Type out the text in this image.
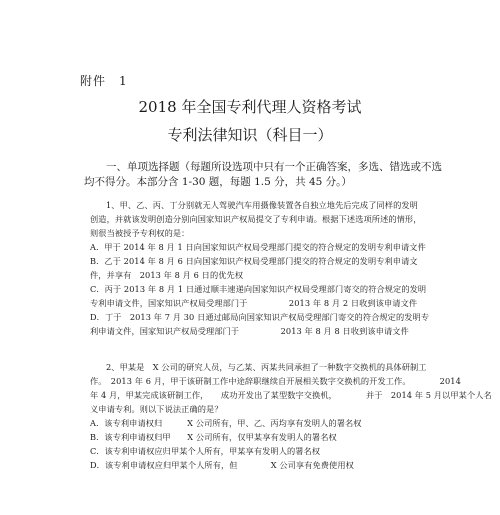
附件　1
2018 年全国专利代理人资格考试
专利法律知识（科目一）
一、单项选择题（每题所设选项中只有一个正确答案，多选、错选或不选
均不得分。本部分含 1-30 题，每题 1.5 分，共 45 分。）
1、甲、乙、丙、丁分别就无人驾驶汽车用摄像装置各自独立地先后完成了同样的发明
创造，并就该发明创造分别向国家知识产权局提交了专利申请。根据下述选项所述的情形，
则很当被授予专利权的是：
A．甲于 2014 年 8 月 1 日向国家知识产权局受理部门提交的符合规定的发明专利申请文件
B．乙于 2014 年 8 月 6 日向国家知识产权局受理部门提交的符合规定的发明专利申请文
件，并享有　2013 年 8 月 6 日的优先权
C．丙于 2013 年 8 月 1 日通过顺丰速递向国家知识产权局受理部门寄交的符合规定的发明
专利申请文件，国家知识产权局受理部门于　　　　　2013 年 8 月 2 日收到该申请文件
D．丁于　2013 年 7 月 30 日通过邮局向国家知识产权局受理部门寄交的符合规定的发明专
利申请文件，国家知识产权局受理部门于　　　　　2013 年 8 月 8 日收到该申请文件
2、甲某是　X 公司的研究人员，与乙某、丙某共同承担了一种数字交换机的具体研制工
作。　2013 年 6 月，甲于该研制工作中途辞职继续自开展相关数字交换机的开发工作。　　　　2014
年 4 月，甲某完成该研制工作，　　成功开发出了某型数字交换机，　　　　并于　2014 年 5 月以甲某个人名
义申请专利。则以下说法正确的是？
A．该专利申请权归　　　X 公司所有，甲、乙、丙均享有发明人的署名权
B．该专利申请权归甲　　X 公司所有，仅甲某享有发明人的署名权
C．该专利申请权应归甲某个人所有，甲某享有发明人的署名权
D．该专利申请权应归甲某个人所有，但　　　　X 公司享有免费使用权
